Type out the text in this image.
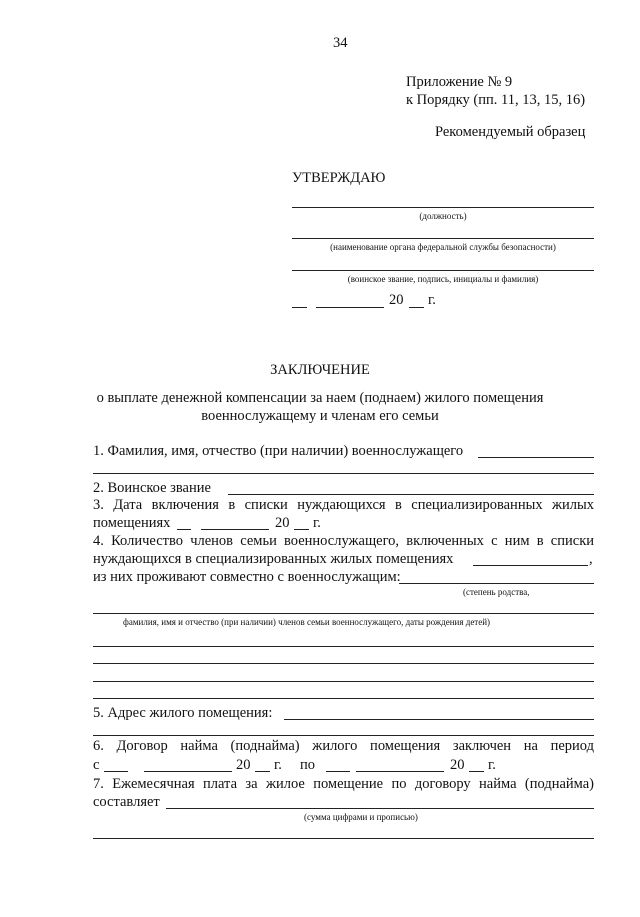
34
Приложение № 9
к Порядку (пп. 11, 13, 15, 16)
Рекомендуемый образец
УТВЕРЖДАЮ
(должность)
(наименование органа федеральной службы безопасности)
(воинское звание, подпись, инициалы и фамилия)
20 г.
ЗАКЛЮЧЕНИЕ
о выплате денежной компенсации за наем (поднаем) жилого помещения
военнослужащему и членам его семьи
1. Фамилия, имя, отчество (при наличии) военнослужащего
2. Воинское звание
3. Дата включения в списки нуждающихся в специализированных жилых
помещениях	20 г.
4. Количество членов семьи военнослужащего, включенных с ним в списки
нуждающихся в специализированных жилых помещениях	,
из них проживают совместно с военнослужащим:
(степень родства,
фамилия, имя и отчество (при наличии) членов семьи военнослужащего, даты рождения детей)
5. Адрес жилого помещения:
6. Договор найма (поднайма) жилого помещения заключен на период
с	20 г. по	20 г.
7. Ежемесячная плата за жилое помещение по договору найма (поднайма)
составляет
(сумма цифрами и прописью)
